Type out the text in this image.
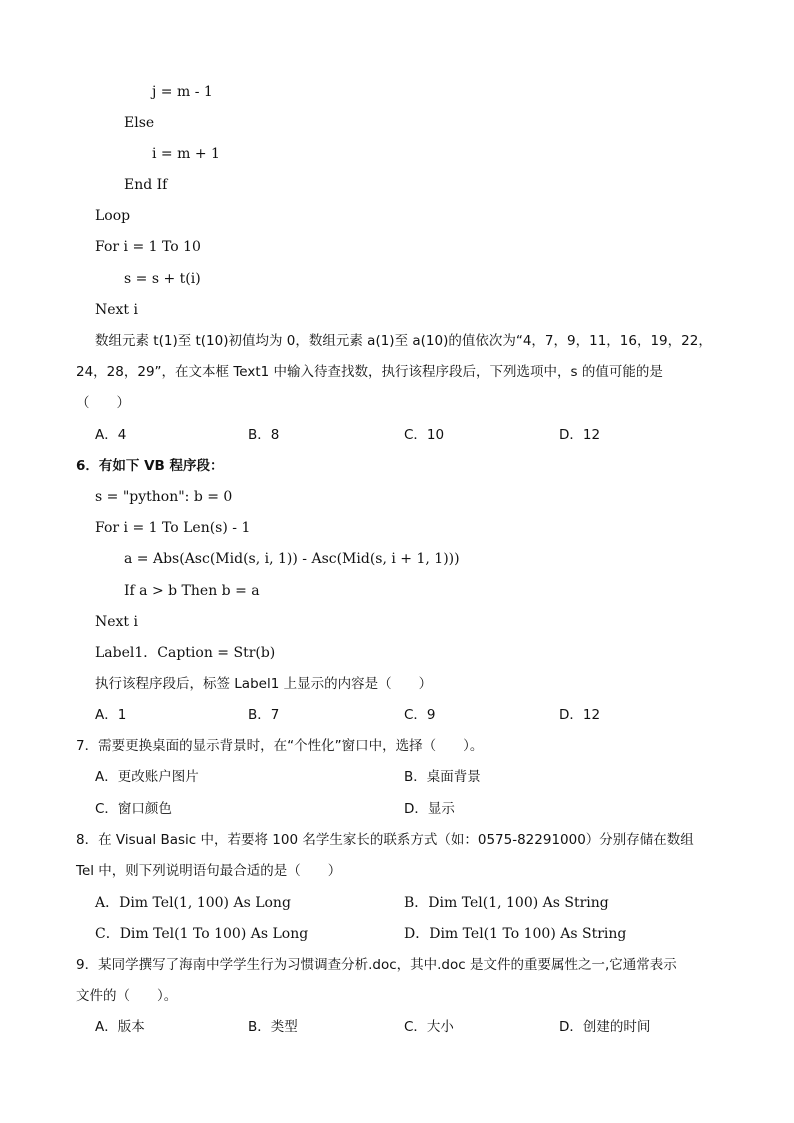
j = m - 1
Else
i = m + 1
End If
Loop
For i = 1 To 10
s = s + t(i)
Next i
数组元素 t(1)至 t(10)初值均为 0，数组元素 a(1)至 a(10)的值依次为“4，7，9，11，16，19，22，
24，28，29”，在文本框 Text1 中输入待查找数，执行该程序段后，下列选项中，s 的值可能的是
（　　）
A．4	B．8	C．10	D．12
6．有如下 VB 程序段：
s = "python": b = 0
For i = 1 To Len(s) - 1
a = Abs(Asc(Mid(s, i, 1)) - Asc(Mid(s, i + 1, 1)))
If a > b Then b = a
Next i
Label1．Caption = Str(b)
执行该程序段后，标签 Label1 上显示的内容是（　　）
A．1	B．7	C．9	D．12
7．需要更换桌面的显示背景时，在“个性化”窗口中，选择（　　）。
A．更改账户图片	B．桌面背景
C．窗口颜色	D．显示
8．在 Visual Basic 中，若要将 100 名学生家长的联系方式（如：0575-82291000）分别存储在数组
Tel 中，则下列说明语句最合适的是（　　）
A．Dim Tel(1, 100) As Long	B．Dim Tel(1, 100) As String
C．Dim Tel(1 To 100) As Long	D．Dim Tel(1 To 100) As String
9．某同学撰写了海南中学学生行为习惯调查分析.doc，其中.doc 是文件的重要属性之一,它通常表示
文件的（　　）。
A．版本	B．类型	C．大小	D．创建的时间
